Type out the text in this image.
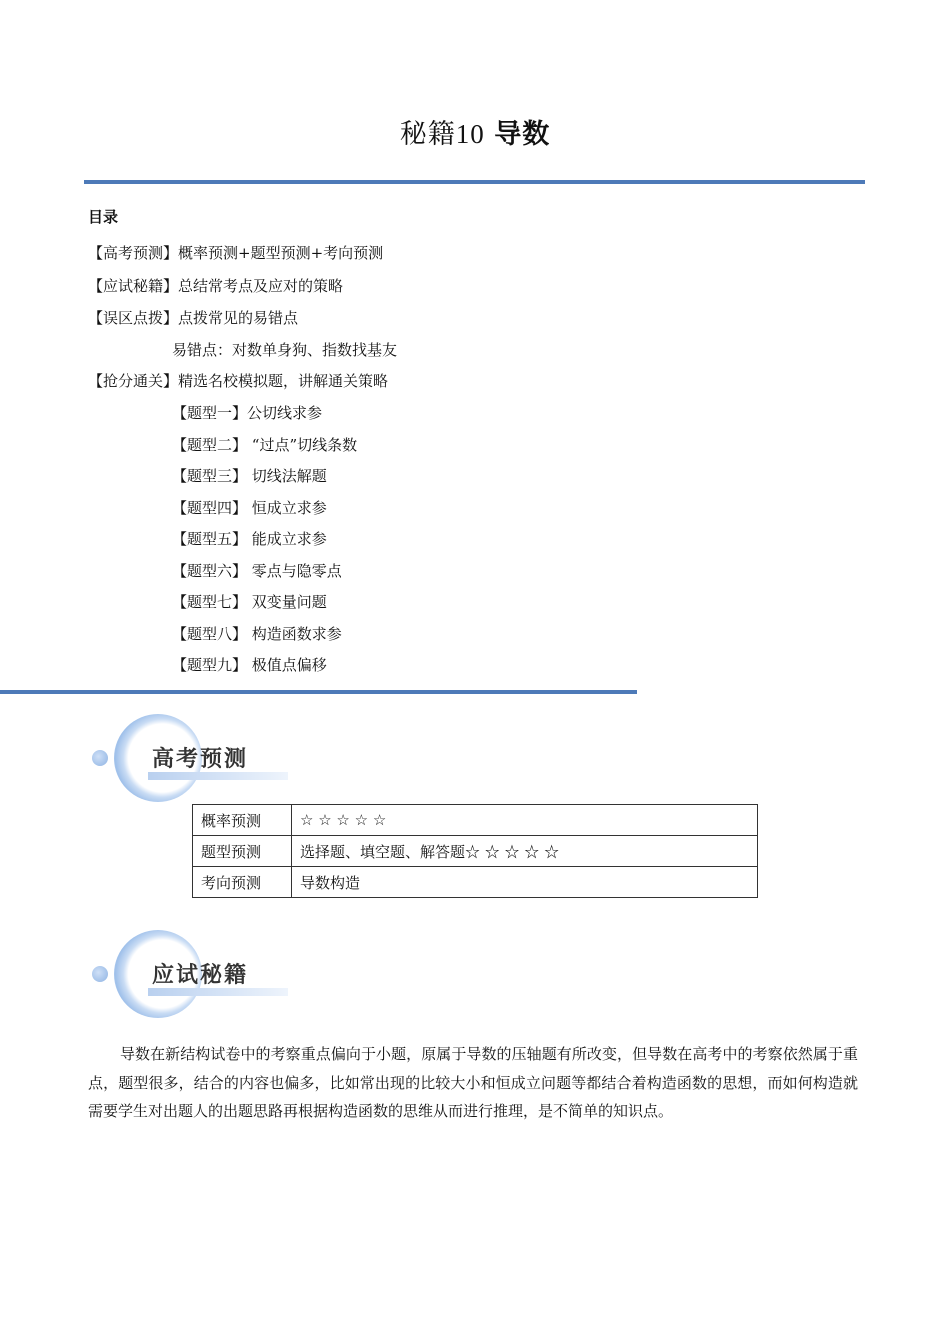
秘籍10 导数
目录
【高考预测】概率预测+题型预测+考向预测
【应试秘籍】总结常考点及应对的策略
【误区点拨】点拨常见的易错点
易错点：对数单身狗、指数找基友
【抢分通关】精选名校模拟题，讲解通关策略
【题型一】公切线求参
【题型二】 “过点”切线条数
【题型三】 切线法解题
【题型四】 恒成立求参
【题型五】 能成立求参
【题型六】 零点与隐零点
【题型七】 双变量问题
【题型八】 构造函数求参
【题型九】 极值点偏移
高考预测
概率预测	☆ ☆ ☆ ☆ ☆
题型预测	选择题、填空题、解答题☆ ☆ ☆ ☆ ☆
考向预测	导数构造
应试秘籍
导数在新结构试卷中的考察重点偏向于小题，原属于导数的压轴题有所改变，但导数在高考中的考察依然属于重点，题型很多，结合的内容也偏多，比如常出现的比较大小和恒成立问题等都结合着构造函数的思想，而如何构造就需要学生对出题人的出题思路再根据构造函数的思维从而进行推理，是不简单的知识点。
